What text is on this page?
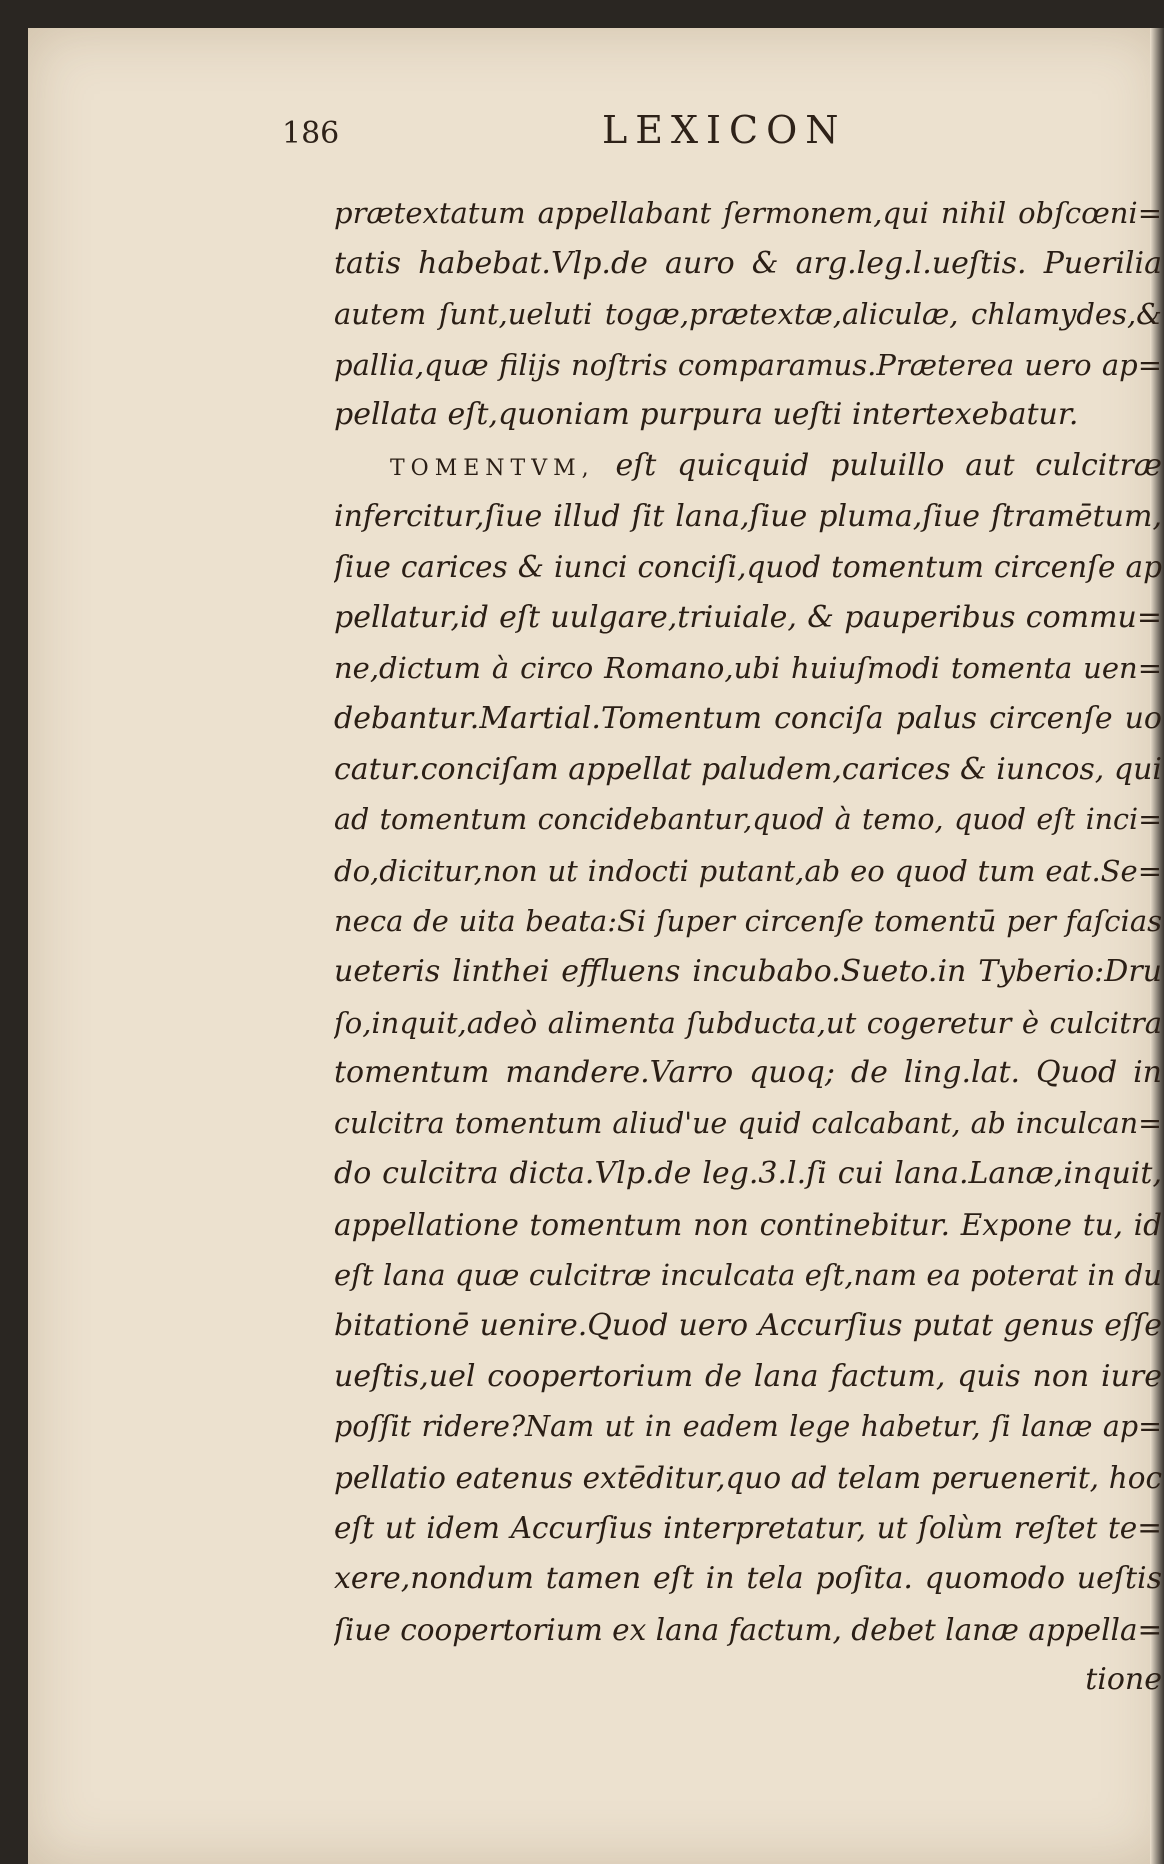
186	LEXICON
prætextatum appellabant ſermonem,qui nihil obſcœni=
tatis habebat.Vlp.de auro & arg.leg.l.ueſtis. Puerilia
autem ſunt,ueluti togæ,prætextæ,aliculæ, chlamydes,&
pallia,quæ filijs noſtris comparamus.Præterea uero ap=
pellata eſt,quoniam purpura ueſti intertexebatur.
TOMENTVM, eſt quicquid puluillo aut culcitræ
infercitur,ſiue illud ſit lana,ſiue pluma,ſiue ſtramētum,
ſiue carices & iunci conciſi,quod tomentum circenſe ap
pellatur,id eſt uulgare,triuiale, & pauperibus commu=
ne,dictum à circo Romano,ubi huiuſmodi tomenta uen=
debantur.Martial.Tomentum conciſa palus circenſe uo
catur.conciſam appellat paludem,carices & iuncos, qui
ad tomentum concidebantur,quod à temo, quod eſt inci=
do,dicitur,non ut indocti putant,ab eo quod tum eat.Se=
neca de uita beata:Si ſuper circenſe tomentū per faſcias
ueteris linthei effluens incubabo.Sueto.in Tyberio:Dru
ſo,inquit,adeò alimenta ſubducta,ut cogeretur è culcitra
tomentum mandere.Varro quoq; de ling.lat. Quod in
culcitra tomentum aliud'ue quid calcabant, ab inculcan=
do culcitra dicta.Vlp.de leg.3.l.ſi cui lana.Lanæ,inquit,
appellatione tomentum non continebitur. Expone tu, id
eſt lana quæ culcitræ inculcata eſt,nam ea poterat in du
bitationē uenire.Quod uero Accurſius putat genus eſſe
ueſtis,uel coopertorium de lana factum, quis non iure
poſſit ridere?Nam ut in eadem lege habetur, ſi lanæ ap=
pellatio eatenus extēditur,quo ad telam peruenerit, hoc
eſt ut idem Accurſius interpretatur, ut ſolùm reſtet te=
xere,nondum tamen eſt in tela poſita. quomodo ueſtis
ſiue coopertorium ex lana factum, debet lanæ appella=
tione
